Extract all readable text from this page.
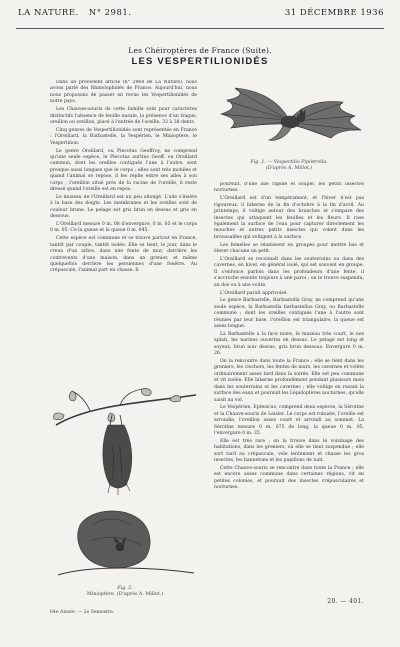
LA NATURE. N° 2981.	31 DÉCEMBRE 1936
Les Chéiroptères de France (Suite).
LES VESPERTILIONIDÉS

Dans un précédent article (n° 2964 de La Nature), nous avons parlé des Rhinolophidés de France. Aujourd'hui, nous nous proposons de passer en revue les Vespertilionidés de notre pays.

Les Chauves-souris de cette famille sont pour caractères distinctifs l'absence de feuille nasale, la présence d'un tragus, oreillon ou oreillon, placé à l'entrée de l'oreille, 32 à 38 dents.

Cinq genres de Vespertilionidés sont représentés en France : l'Oreillard, la Barbastelle, la Vespérien, le Minioptère, le Vespertilion.

Le genre Oreillard, ou Plecotus Geoffroy, ne comprend qu'une seule espèce, le Plecotus auritus Geoff. ou Oreillard commun, dont les oreilles contiguës l'une à l'autre, sont presque aussi longues que le corps ; elles sont très mobiles et quand l'animal se repose, il les replie entre ses ailes à son corps ; l'oreillon situé près de la racine de l'oreille, il reste dressé quand l'oreille est en repos.

Le museau de l'Oreillard est un peu allongé. L'aile s'insère à la base des doigts. Les membranes et les oreilles sont de couleur brune. Le pelage est gris brun en dessus et gris en dessous.

L'Oreillard mesure 0 m. 08 d'envergure, 0 m. 05 et le corps 0 m. 05. Ce la queue et la queue 0 m. 045.

Cette espèce est commune et se trouve partout en France, tantôt par couple, tantôt isolée. Elle se tient, le jour, dans le creux d'un arbre, dans une fente de mur, derrière les contrevents d'une maison, dans un grenier, et même quelquefois derrière les persiennes d'une fenêtre. Au crépuscule, l'animal part en chasse. Il

Fig. 1. — Vespertilio Pipistrella.
(D'après A. Millot.)

poursuit, d'une aile rapide et souple, les petits insectes nocturnes.

L'Oreillard est d'un tempérament, et l'hiver n'est pas rigoureux, il hiberne de la fin d'octobre à la fin d'avril. Au printemps, il voltige autour des branches et s'empare des insectes qui attaquent les feuilles et les fleurs. Il rase également la surface de l'eau pour capturer directement les mouches et autres petits insectes qui volent dans les broussailles qui voltigent à la surface.

Les femelles se réunissent en groupes pour mettre bas et élever chacune un petit.

L'Oreillard se reconnaît dans les souterrains ou dans des cavernes, en hiver, en général isolé, qui est souvent en groupe. Il s'enfonce parfois dans les profondeurs d'une fente, il s'accroche ensuite toujours à une paroi ; on le trouve suspendu, au dos ou à une voûte.

L'Oreillard paraît apprivoisé.

Le genre Barbastelle, Barbastella Gray, ne comprend qu'une seule espèce, la Barbastella barbastellus Gray, ou Barbastelle commune ; dont les oreilles contiguës l'une à l'autre sont réunies par leur base, l'oreillon est triangulaire, la queue est assez longue.

La Barbastelle a la face noire, le museau très court, le nez aplati, les narines ouvertes en dessus. Le pelage est long et soyeux, brun noir dessus, gris brun dessous. Envergure 0 m. 26.

On la rencontre dans toute la France ; elle se tient dans les greniers, les clochers, les fentes de murs, les cavernes et volète ordinairement assez tard dans la soirée. Elle est peu commune et vit isolée. Elle hiberne profondément pendant plusieurs mois dans les souterrains et les cavernes ; elle voltige en rasant la surface des eaux et poursuit les Lépidoptères nocturnes, qu'elle saisit au vol.

Le Vespérien, Eptesicus, comprend deux espèces, la Sérotine et la Chauve-souris de Leisler. Le corps est robuste, l'oreille est arrondie, l'oreillon assez court et arrondi au sommet. La Sérotine mesure 0 m. 075 de long, la queue 0 m. 05, l'envergure 0 m. 35.

Elle est très rare ; on la trouve dans le voisinage des habitations, dans les greniers, où elle se tient suspendue ; elle sort tard au crépuscule, vole lentement et chasse les gros insectes, les hannetons et les papillons de nuit.

Cette Chauve-souris se rencontre dans toute la France ; elle est encore assez commune dans certaines régions, vit en petites colonies, et poursuit des insectes crépusculaires et nocturnes.

Fig. 2.
Minioptère. (D'après A. Millot.)
64e Année. — 2e Semestre.
20. — 401.
